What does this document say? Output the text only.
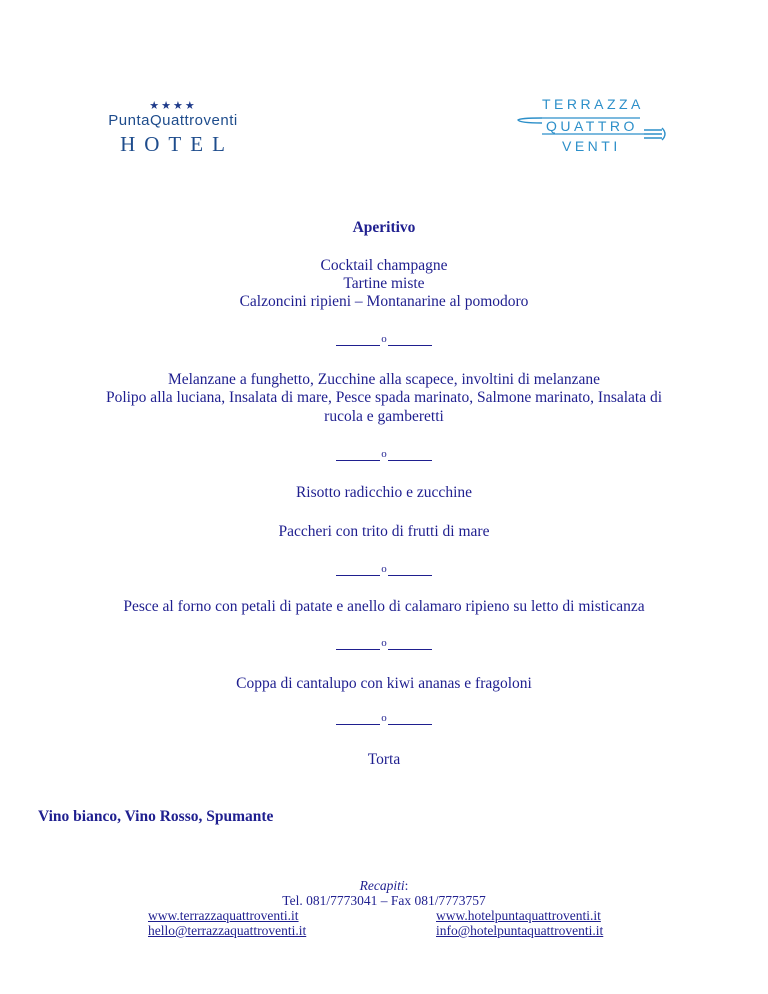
★★★★
PuntaQuattroventi
HOTEL
TERRAZZA
QUATTRO
VENTI
Aperitivo
Cocktail champagne
Tartine miste
Calzoncini ripieni – Montanarine al pomodoro
o
Melanzane a funghetto, Zucchine alla scapece, involtini di melanzane
Polipo alla luciana, Insalata di mare, Pesce spada marinato, Salmone marinato, Insalata di
rucola e gamberetti
o
Risotto radicchio e zucchine
Paccheri con trito di frutti di mare
o
Pesce al forno con petali di patate e anello di calamaro ripieno su letto di misticanza
o
Coppa di cantalupo con kiwi ananas e fragoloni
o
Torta
Vino bianco, Vino Rosso, Spumante
Recapiti:
Tel. 081/7773041 – Fax 081/7773757
www.terrazzaquattroventi.it	www.hotelpuntaquattroventi.it
hello@terrazzaquattroventi.it	info@hotelpuntaquattroventi.it
